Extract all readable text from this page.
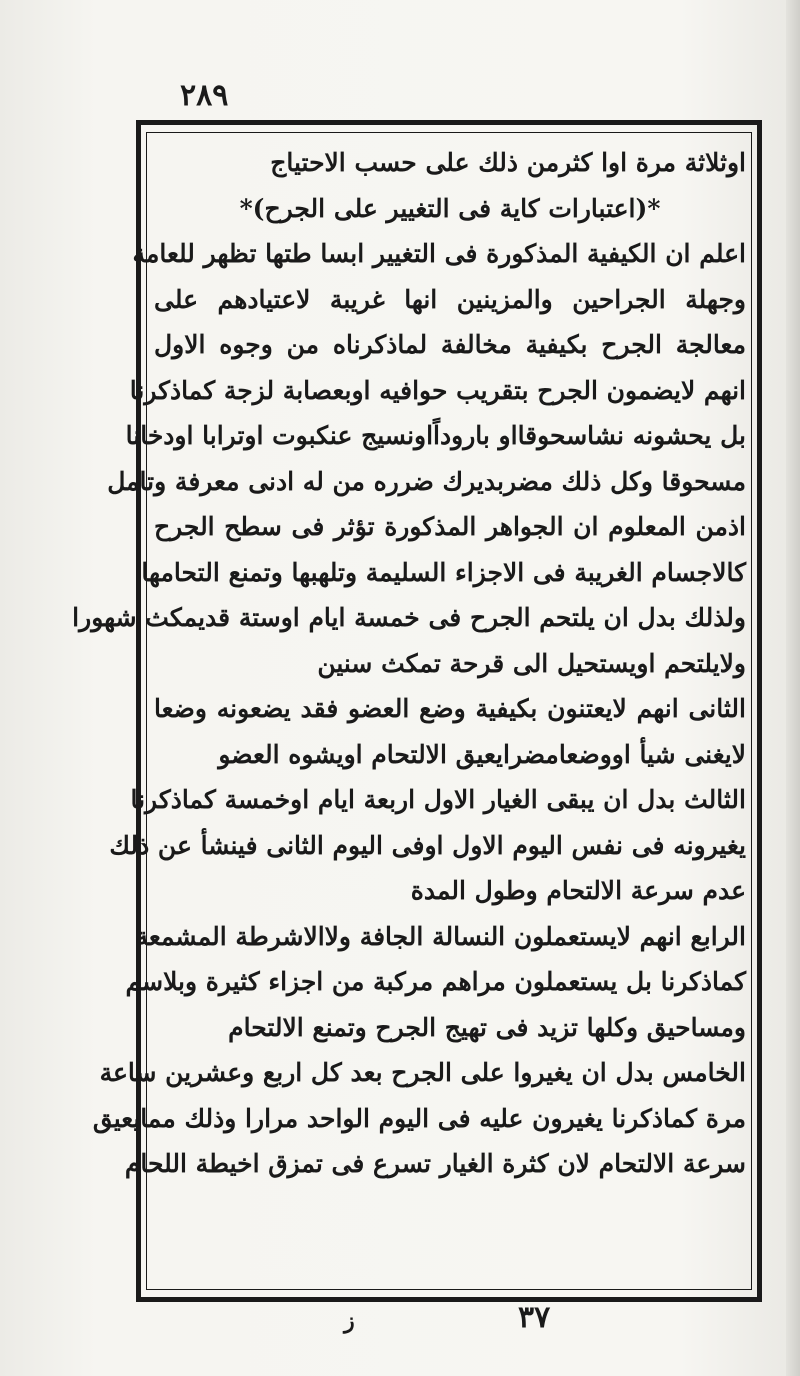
٢٨٩
اوثلاثة مرة اوا كثرمن ذلك على حسب الاحتياج
*(اعتبارات كاية فى التغيير على الجرح)*
اعلم ان الكيفية المذكورة فى التغيير ابسا طتها تظهر للعامة
وجهلة الجراحين والمزينين انها غريبة لاعتيادهم على
معالجة الجرح بكيفية مخالفة لماذكرناه من وجوه الاول
انهم لايضمون الجرح بتقريب حوافيه اوبعصابة لزجة كماذكرنا
بل يحشونه نشاسحوقااو باروداًاونسيج عنكبوت اوترابا اودخانا
مسحوقا وكل ذلك مضربديرك ضرره من له ادنى معرفة وتامل
اذمن المعلوم ان الجواهر المذكورة تؤثر فى سطح الجرح
كالاجسام الغريبة فى الاجزاء السليمة وتلهبها وتمنع التحامها
ولذلك بدل ان يلتحم الجرح فى خمسة ايام اوستة قديمكث شهورا
ولايلتحم اويستحيل الى قرحة تمكث سنين
الثانى انهم لايعتنون بكيفية وضع العضو فقد يضعونه وضعا
لايغنى شيأ اووضعامضرايعيق الالتحام اويشوه العضو
الثالث بدل ان يبقى الغيار الاول اربعة ايام اوخمسة كماذكرنا
يغيرونه فى نفس اليوم الاول اوفى اليوم الثانى فينشأ عن ذلك
عدم سرعة الالتحام وطول المدة
الرابع انهم لايستعملون النسالة الجافة ولاالاشرطة المشمعة
كماذكرنا بل يستعملون مراهم مركبة من اجزاء كثيرة وبلاسم
ومساحيق وكلها تزيد فى تهيج الجرح وتمنع الالتحام
الخامس بدل ان يغيروا على الجرح بعد كل اربع وعشرين ساعة
مرة كماذكرنا يغيرون عليه فى اليوم الواحد مرارا وذلك ممايعيق
سرعة الالتحام لان كثرة الغيار تسرع فى تمزق اخيطة اللحام
ز	٣٧
